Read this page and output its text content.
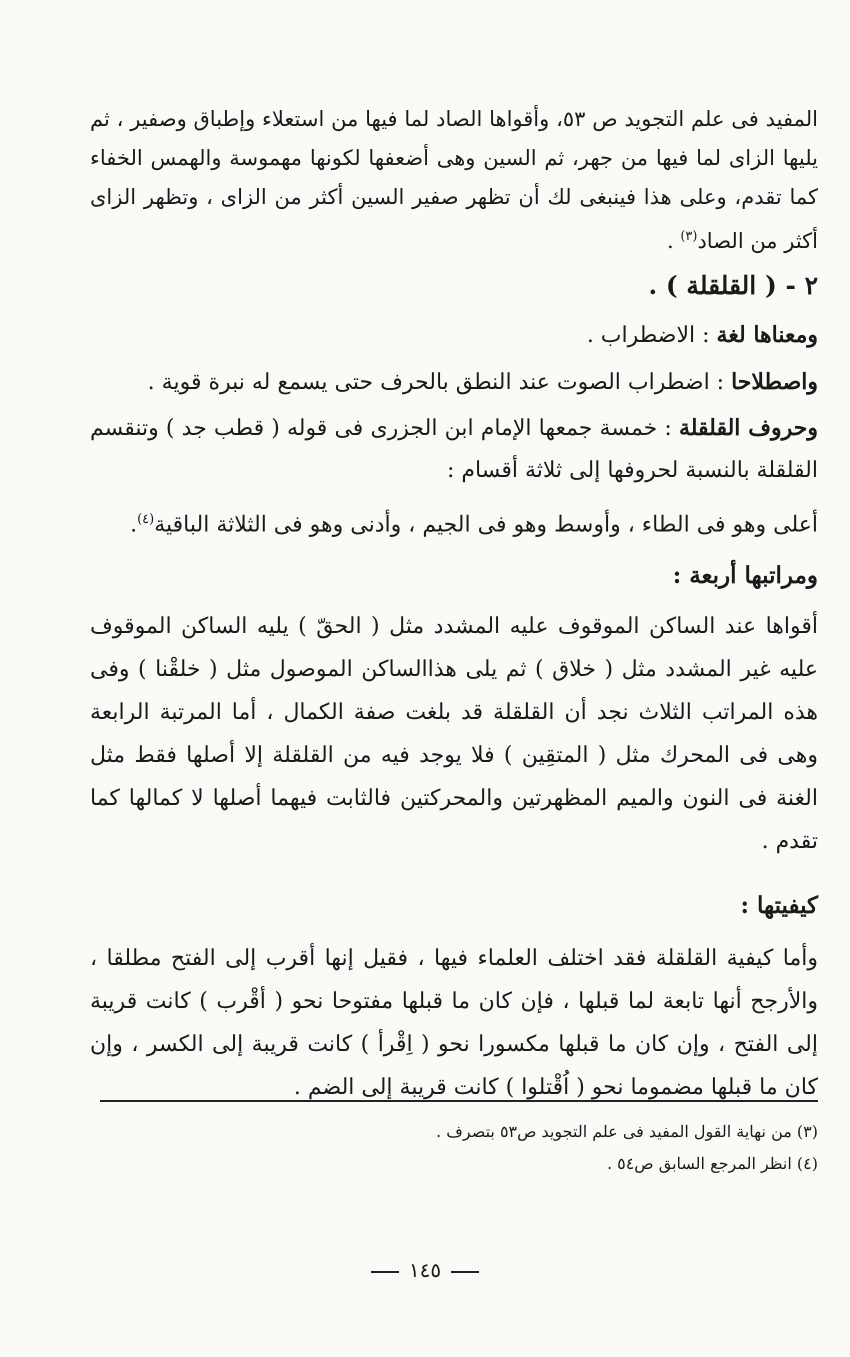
المفيد فى علم التجويد ص ٥٣، وأقواها الصاد لما فيها من استعلاء وإطباق وصفير ، ثم يليها الزاى لما فيها من جهر، ثم السين وهى أضعفها لكونها مهموسة والهمس الخفاء كما تقدم، وعلى هذا فينبغى لك أن تظهر صفير السين أكثر من الزاى ، وتظهر الزاى أكثر من الصاد$^{(٣)}$ .

٢ - ( القلقلة ) .
ومعناها لغة : الاضطراب .
واصطلاحا : اضطراب الصوت عند النطق بالحرف حتى يسمع له نبرة قوية .

وحروف القلقلة : خمسة جمعها الإمام ابن الجزرى فى قوله ( قطب جد ) وتنقسم القلقلة بالنسبة لحروفها إلى ثلاثة أقسام :

أعلى وهو فى الطاء ، وأوسط وهو فى الجيم ، وأدنى وهو فى الثلاثة الباقية$^{(٤)}$.
ومراتبها أربعة :

أقواها عند الساكن الموقوف عليه المشدد مثل ( الحقّ ) يليه الساكن الموقوف عليه غير المشدد مثل ( خلاق ) ثم يلى هذاالساكن الموصول مثل ( خلقْنا ) وفى هذه المراتب الثلاث نجد أن القلقلة قد بلغت صفة الكمال ، أما المرتبة الرابعة وهى فى المحرك مثل ( المتقِين ) فلا يوجد فيه من القلقلة إلا أصلها فقط مثل الغنة فى النون والميم المظهرتين والمحركتين فالثابت فيهما أصلها لا كمالها كما تقدم .

كيفيتها :

وأما كيفية القلقلة فقد اختلف العلماء فيها ، فقيل إنها أقرب إلى الفتح مطلقا ، والأرجح أنها تابعة لما قبلها ، فإن كان ما قبلها مفتوحا نحو ( أقْرب ) كانت قريبة إلى الفتح ، وإن كان ما قبلها مكسورا نحو ( اِقْرأ ) كانت قريبة إلى الكسر ، وإن كان ما قبلها مضموما نحو ( اُقْتلوا ) كانت قريبة إلى الضم .

(٣) من نهاية القول المفيد فى علم التجويد ص٥٣ بتصرف .

(٤) انظر المرجع السابق ص٥٤ .

١٤٥
